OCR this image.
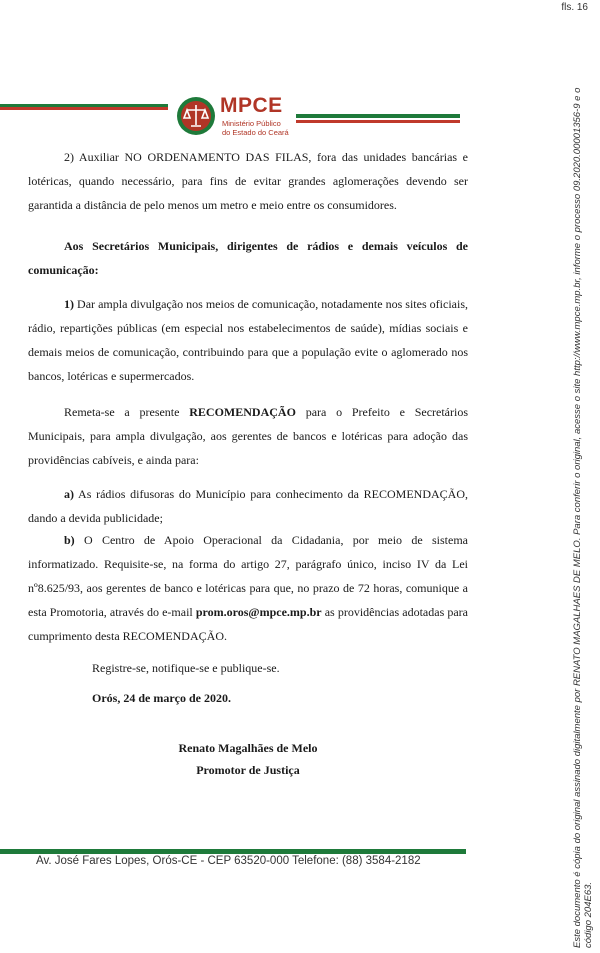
fls. 16
MPCE
Ministério Público
do Estado do Ceará

2) Auxiliar NO ORDENAMENTO DAS FILAS, fora das unidades bancárias e lotéricas, quando necessário, para fins de evitar grandes aglomerações devendo ser garantida a distância de pelo menos um metro e meio entre os consumidores.

Aos Secretários Municipais, dirigentes de rádios e demais veículos de comunicação:

1) Dar ampla divulgação nos meios de comunicação, notadamente nos sites oficiais, rádio, repartições públicas (em especial nos estabelecimentos de saúde), mídias sociais e demais meios de comunicação, contribuindo para que a população evite o aglomerado nos bancos, lotéricas e supermercados.

Remeta-se a presente RECOMENDAÇÃO para o Prefeito e Secretários Municipais, para ampla divulgação, aos gerentes de bancos e lotéricas para adoção das providências cabíveis, e ainda para:

a) As rádios difusoras do Município para conhecimento da RECOMENDAÇÃO, dando a devida publicidade;

b) O Centro de Apoio Operacional da Cidadania, por meio de sistema informatizado. Requisite-se, na forma do artigo 27, parágrafo único, inciso IV da Lei nº8.625/93, aos gerentes de banco e lotéricas para que, no prazo de 72 horas, comunique a esta Promotoria, através do e-mail prom.oros@mpce.mp.br as providências adotadas para cumprimento desta RECOMENDAÇÃO.

Registre-se, notifique-se e publique-se.

Orós, 24 de março de 2020.

Renato Magalhães de Melo

Promotor de Justiça

Av. José Fares Lopes, Orós-CE - CEP 63520-000 Telefone: (88) 3584-2182	Este documento é cópia do original assinado digitalmente por RENATO MAGALHAES DE MELO. Para conferir o original, acesse o site http://www.mpce.mp.br, informe o processo 09.2020.00001356-9 e o código 204E63.
